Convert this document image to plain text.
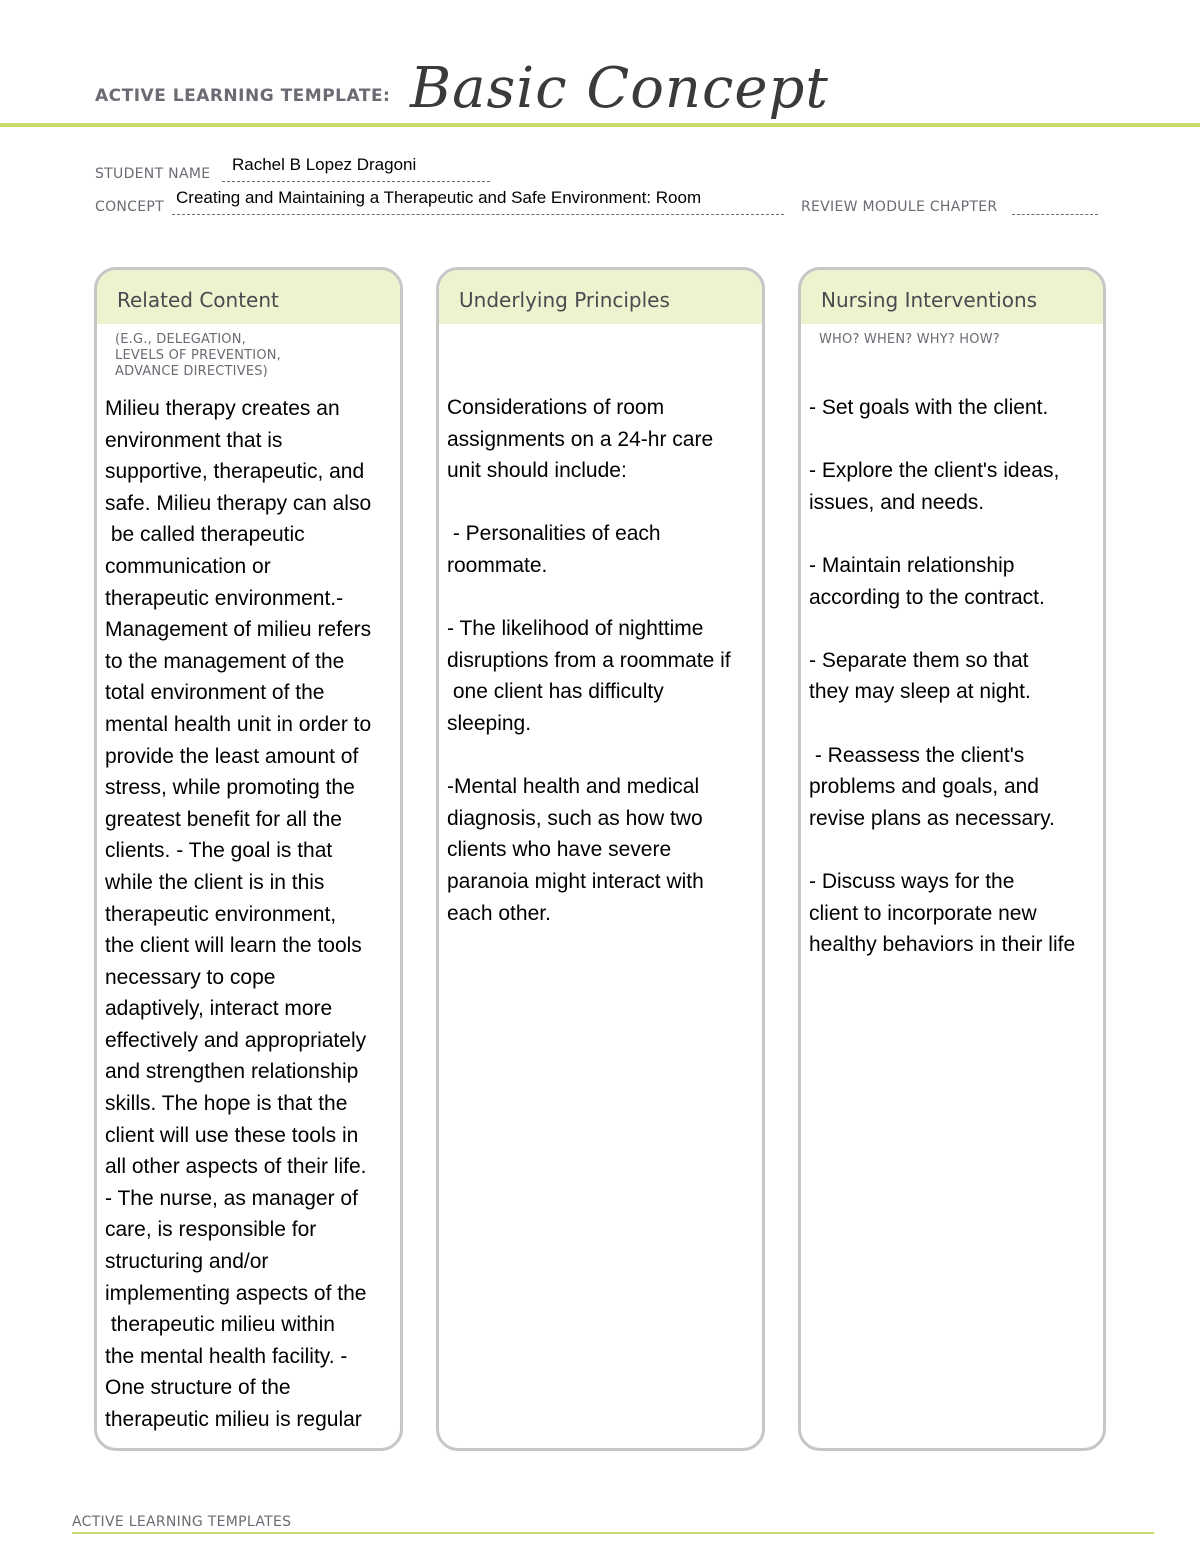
ACTIVE LEARNING TEMPLATE: Basic Concept
STUDENT NAME Rachel B Lopez Dragoni
CONCEPT Creating and Maintaining a Therapeutic and Safe Environment: Room	REVIEW MODULE CHAPTER
Related Content
(E.G., DELEGATION,
LEVELS OF PREVENTION,
ADVANCE DIRECTIVES)
Milieu therapy creates an
environment that is
supportive, therapeutic, and
safe. Milieu therapy can also
be called therapeutic
communication or
therapeutic environment.-
Management of milieu refers
to the management of the
total environment of the
mental health unit in order to
provide the least amount of
stress, while promoting the
greatest benefit for all the
clients. - The goal is that
while the client is in this
therapeutic environment,
the client will learn the tools
necessary to cope
adaptively, interact more
effectively and appropriately
and strengthen relationship
skills. The hope is that the
client will use these tools in
all other aspects of their life.
- The nurse, as manager of
care, is responsible for
structuring and/or
implementing aspects of the
therapeutic milieu within
the mental health facility. -
One structure of the
therapeutic milieu is regular
Underlying Principles
Considerations of room
assignments on a 24-hr care
unit should include:

- Personalities of each
roommate.

- The likelihood of nighttime
disruptions from a roommate if
one client has difficulty
sleeping.

-Mental health and medical
diagnosis, such as how two
clients who have severe
paranoia might interact with
each other.
Nursing Interventions
WHO? WHEN? WHY? HOW?
- Set goals with the client.

- Explore the client's ideas,
issues, and needs.

- Maintain relationship
according to the contract.

- Separate them so that
they may sleep at night.

- Reassess the client's
problems and goals, and
revise plans as necessary.

- Discuss ways for the
client to incorporate new
healthy behaviors in their life
ACTIVE LEARNING TEMPLATES
